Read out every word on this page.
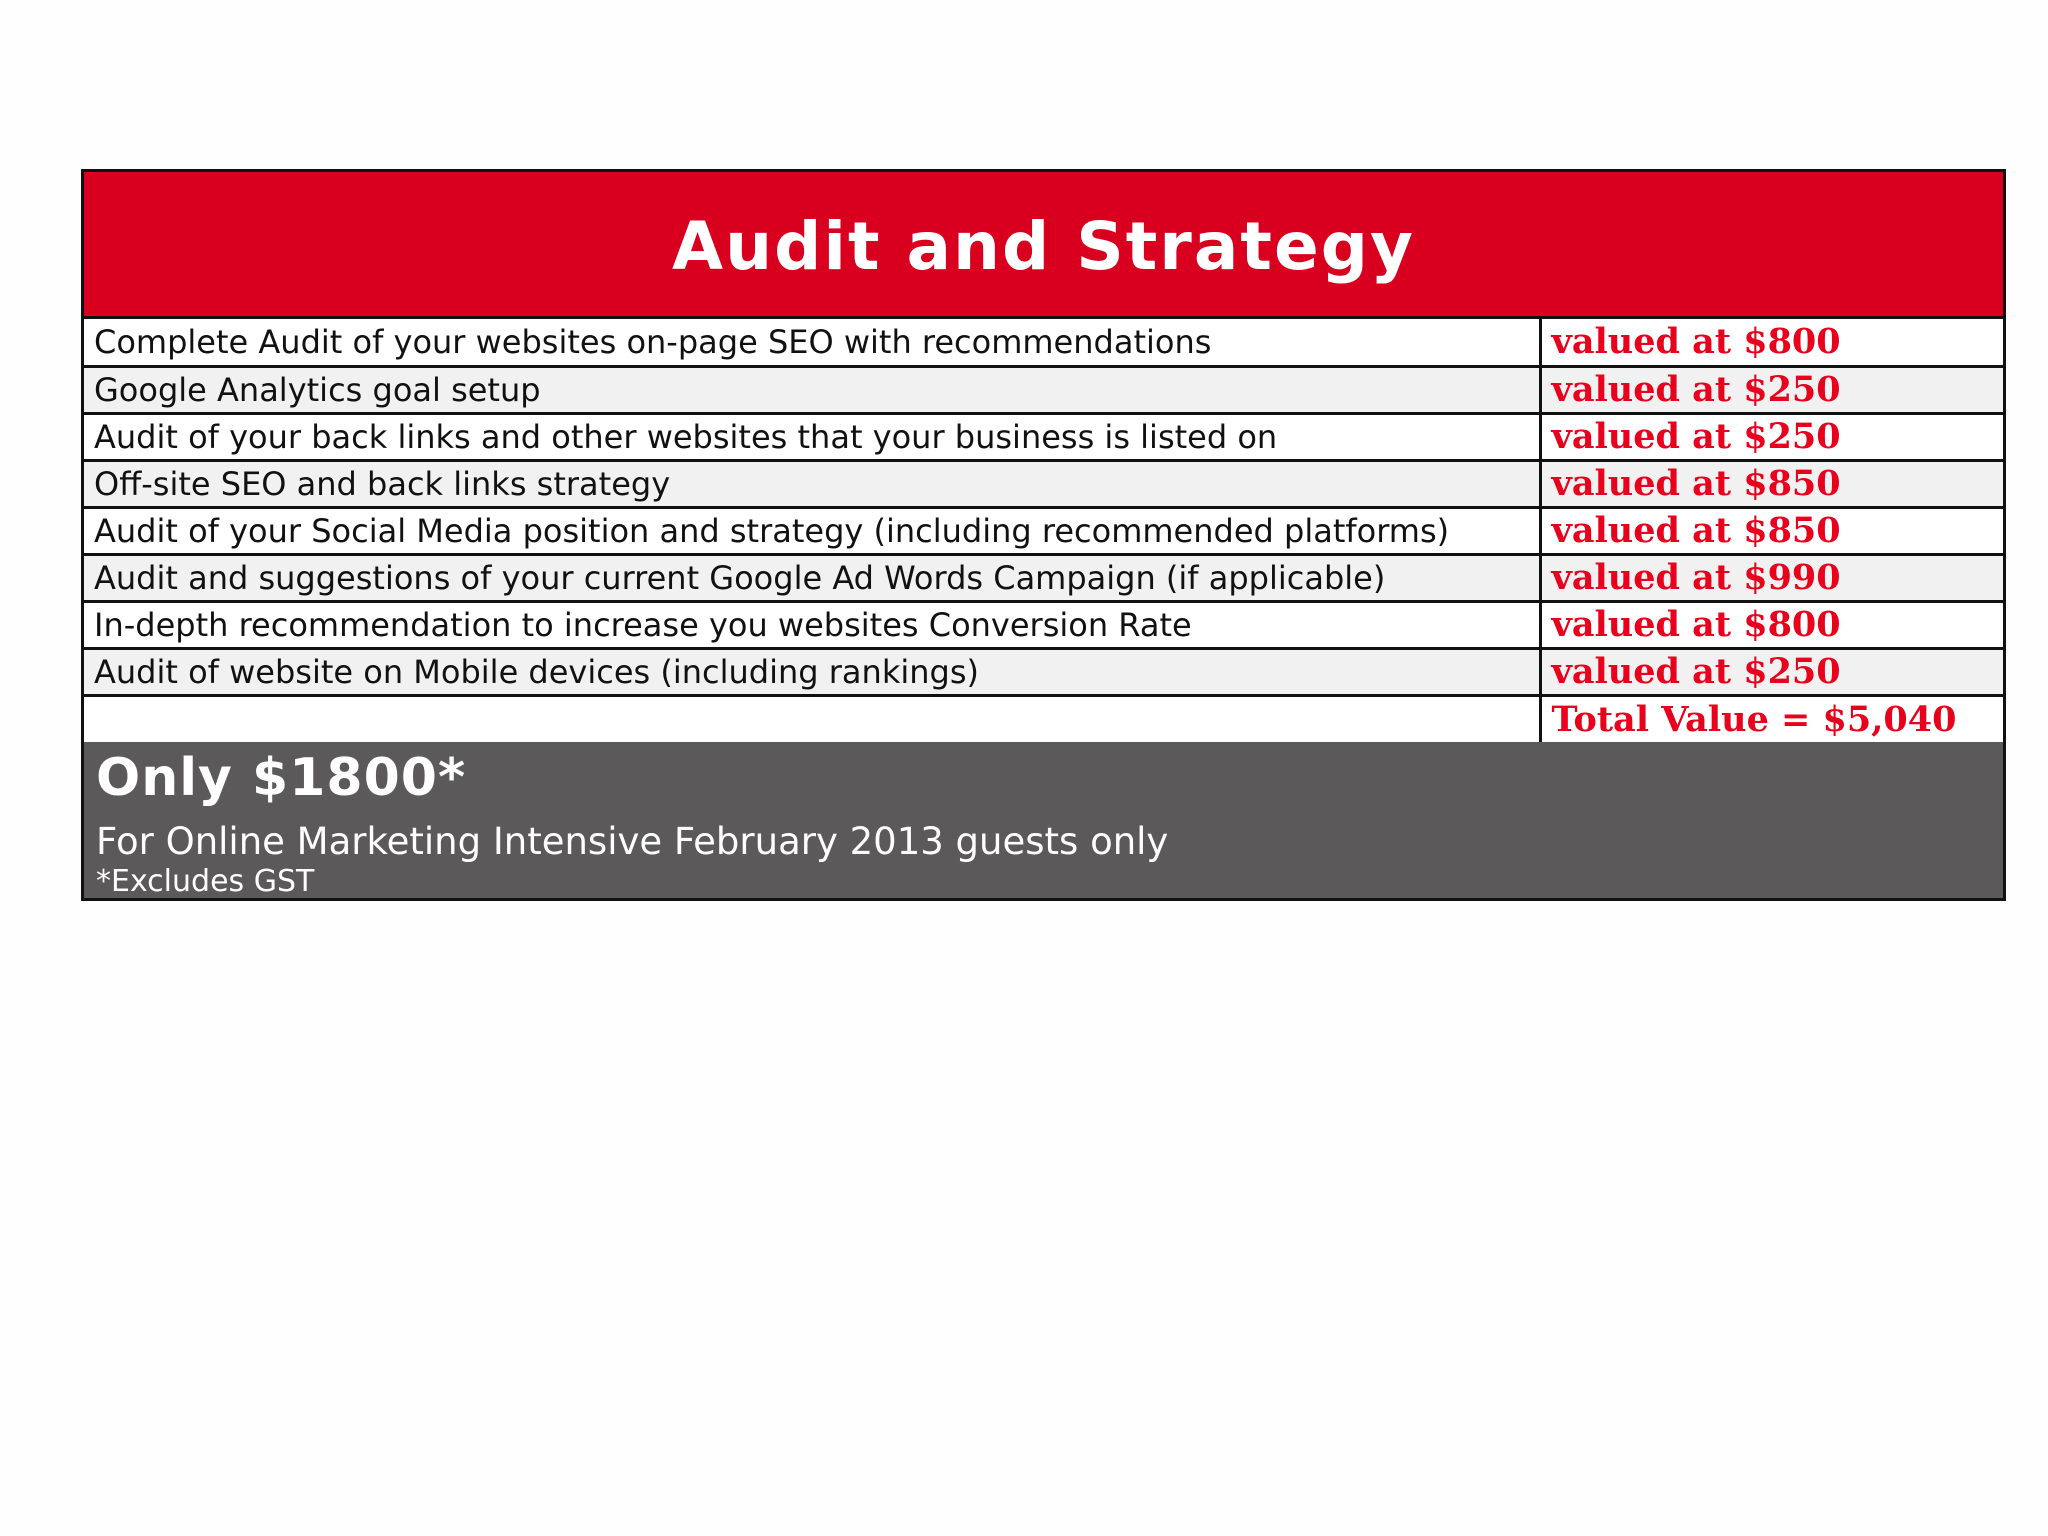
Audit and Strategy
Complete Audit of your websites on-page SEO with recommendations	valued at $800
Google Analytics goal setup	valued at $250
Audit of your back links and other websites that your business is listed on	valued at $250
Off-site SEO and back links strategy	valued at $850
Audit of your Social Media position and strategy (including recommended platforms)	valued at $850
Audit and suggestions of your current Google Ad Words Campaign (if applicable)	valued at $990
In-depth recommendation to increase you websites Conversion Rate	valued at $800
Audit of website on Mobile devices (including rankings)	valued at $250
	Total Value = $5,040
Only $1800*
For Online Marketing Intensive February 2013 guests only
*Excludes GST
